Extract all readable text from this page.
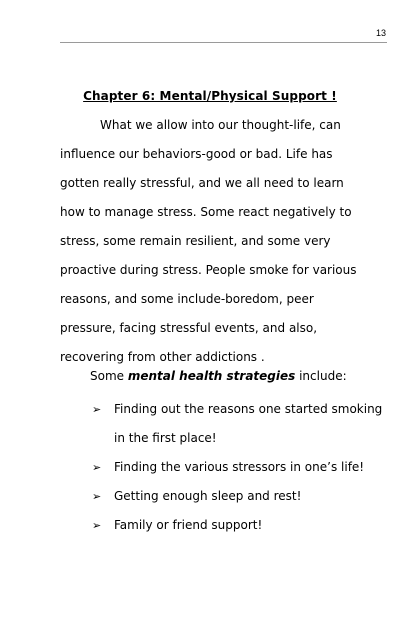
13
Chapter 6: Mental/Physical Support !
What we allow into our thought-life, can
influence our behaviors-good or bad. Life has
gotten really stressful, and we all need to learn
how to manage stress. Some react negatively to
stress, some remain resilient, and some very
proactive during stress. People smoke for various
reasons, and some include-boredom, peer
pressure, facing stressful events, and also,
recovering from other addictions .
Some mental health strategies include:
➢ Finding out the reasons one started smoking
in the first place!
➢ Finding the various stressors in one’s life!
➢ Getting enough sleep and rest!
➢ Family or friend support!
